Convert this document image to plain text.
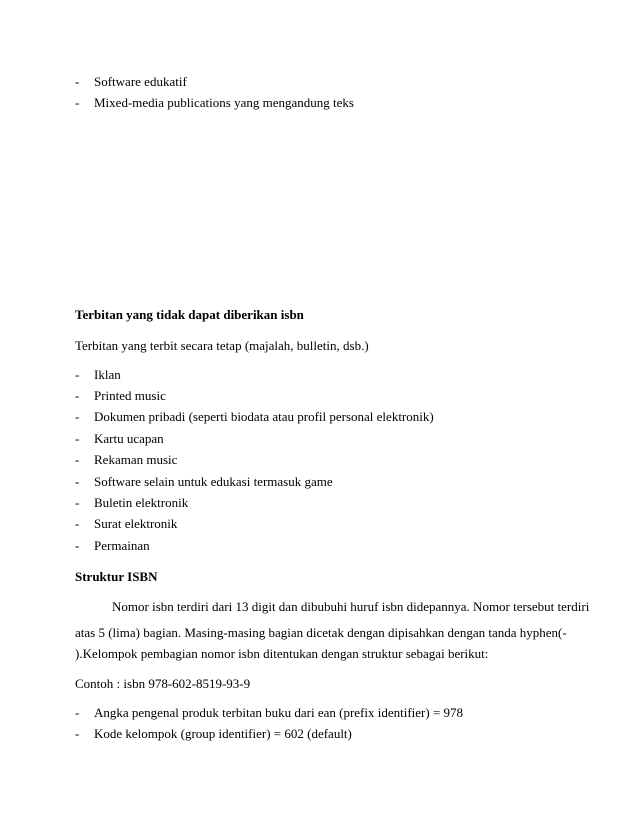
- Software edukatif
- Mixed-media publications yang mengandung teks
Terbitan yang tidak dapat diberikan isbn
Terbitan yang terbit secara tetap (majalah, bulletin, dsb.)
- Iklan
- Printed music
- Dokumen pribadi (seperti biodata atau profil personal elektronik)
- Kartu ucapan
- Rekaman music
- Software selain untuk edukasi termasuk game
- Buletin elektronik
- Surat elektronik
- Permainan
Struktur ISBN
Nomor isbn terdiri dari 13 digit dan dibubuhi huruf isbn didepannya. Nomor tersebut terdiri
atas 5 (lima) bagian. Masing-masing bagian dicetak dengan dipisahkan dengan tanda hyphen(-
).Kelompok pembagian nomor isbn ditentukan dengan struktur sebagai berikut:
Contoh : isbn 978-602-8519-93-9
- Angka pengenal produk terbitan buku dari ean (prefix identifier) = 978
- Kode kelompok (group identifier) = 602 (default)
